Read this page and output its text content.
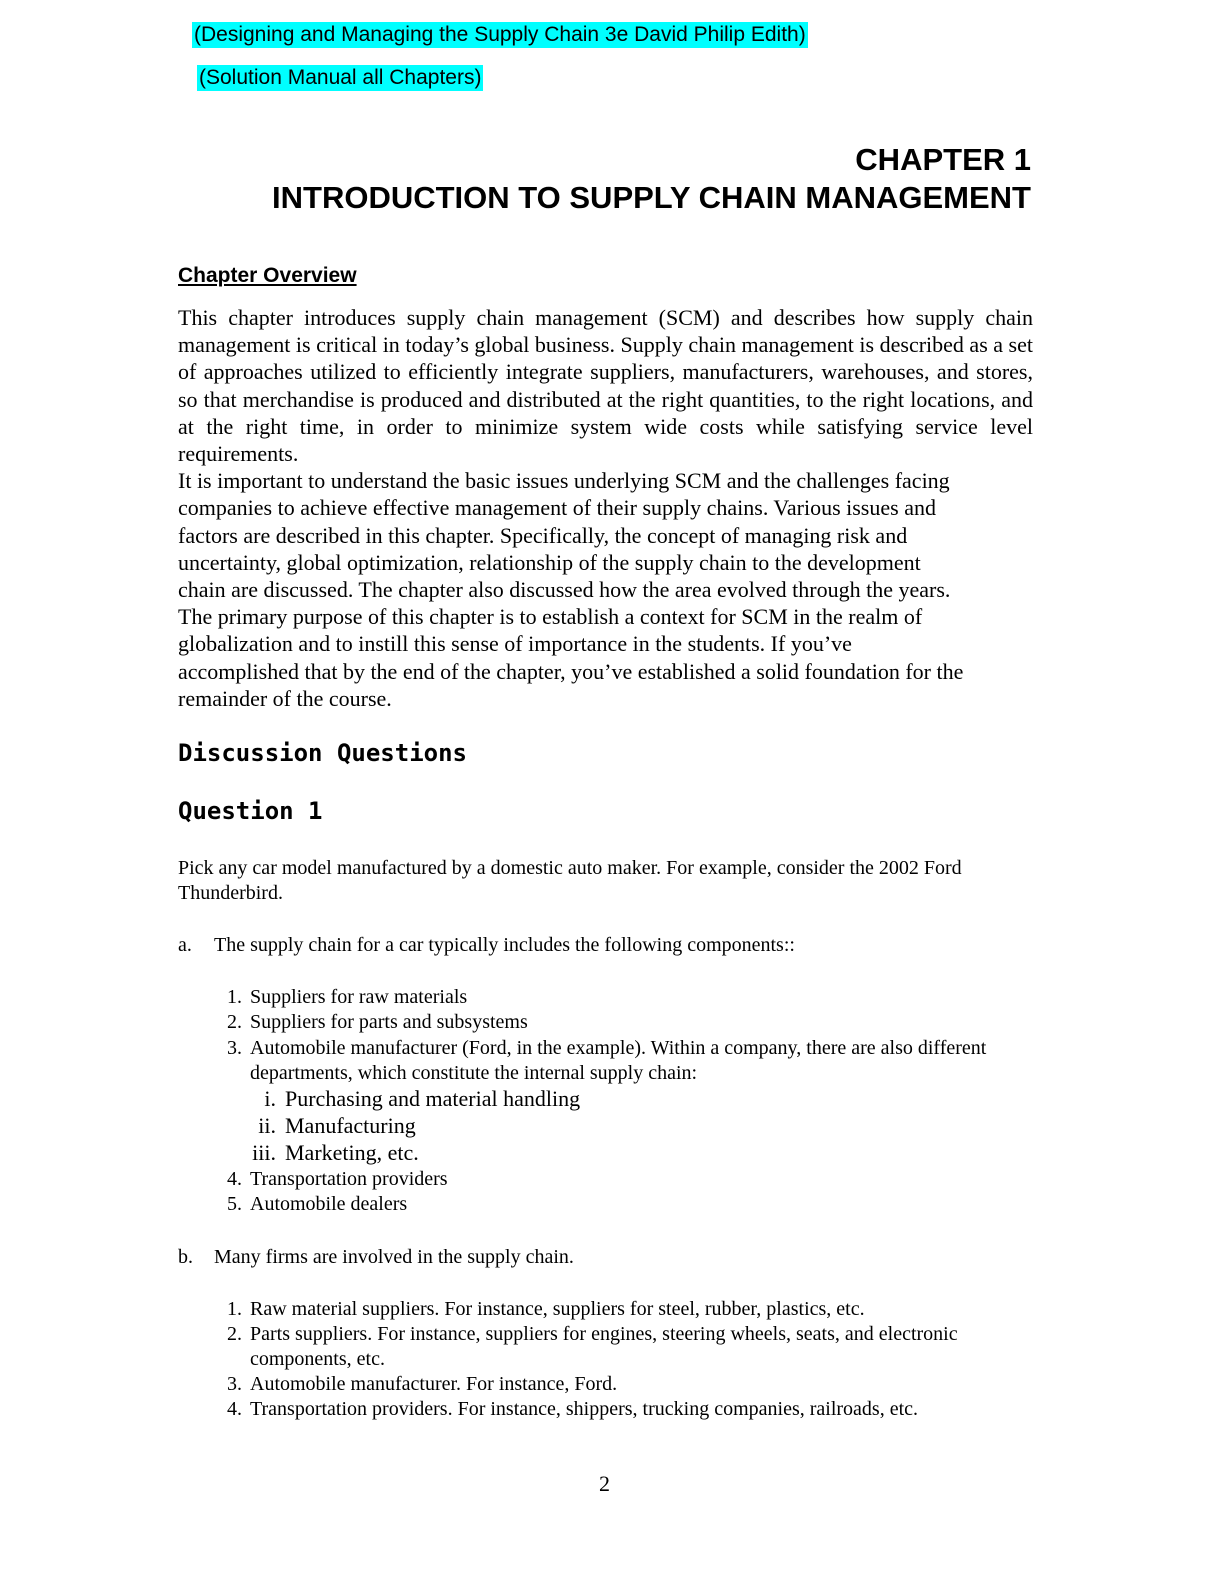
(Designing and Managing the Supply Chain 3e David Philip Edith)
(Solution Manual all Chapters)
CHAPTER 1
INTRODUCTION TO SUPPLY CHAIN MANAGEMENT
Chapter Overview

This chapter introduces supply chain management (SCM) and describes how supply chain management is critical in today’s global business. Supply chain management is described as a set of approaches utilized to efficiently integrate suppliers, manufacturers, warehouses, and stores, so that merchandise is produced and distributed at the right quantities, to the right locations, and at the right time, in order to minimize system wide costs while satisfying service level requirements.

It is important to understand the basic issues underlying SCM and the challenges facing
companies to achieve effective management of their supply chains. Various issues and
factors are described in this chapter. Specifically, the concept of managing risk and
uncertainty, global optimization, relationship of the supply chain to the development
chain are discussed. The chapter also discussed how the area evolved through the years.
The primary purpose of this chapter is to establish a context for SCM in the realm of
globalization and to instill this sense of importance in the students. If you’ve
accomplished that by the end of the chapter, you’ve established a solid foundation for the
remainder of the course.
Discussion Questions
Question 1
Pick any car model manufactured by a domestic auto maker. For example, consider the 2002 Ford
Thunderbird.
a. The supply chain for a car typically includes the following components::
1. Suppliers for raw materials
2. Suppliers for parts and subsystems
3. Automobile manufacturer (Ford, in the example). Within a company, there are also different
departments, which constitute the internal supply chain:
i. Purchasing and material handling
ii. Manufacturing
iii. Marketing, etc.
4. Transportation providers
5. Automobile dealers
b. Many firms are involved in the supply chain.
1. Raw material suppliers. For instance, suppliers for steel, rubber, plastics, etc.
2. Parts suppliers. For instance, suppliers for engines, steering wheels, seats, and electronic
components, etc.
3. Automobile manufacturer. For instance, Ford.
4. Transportation providers. For instance, shippers, trucking companies, railroads, etc.
2
